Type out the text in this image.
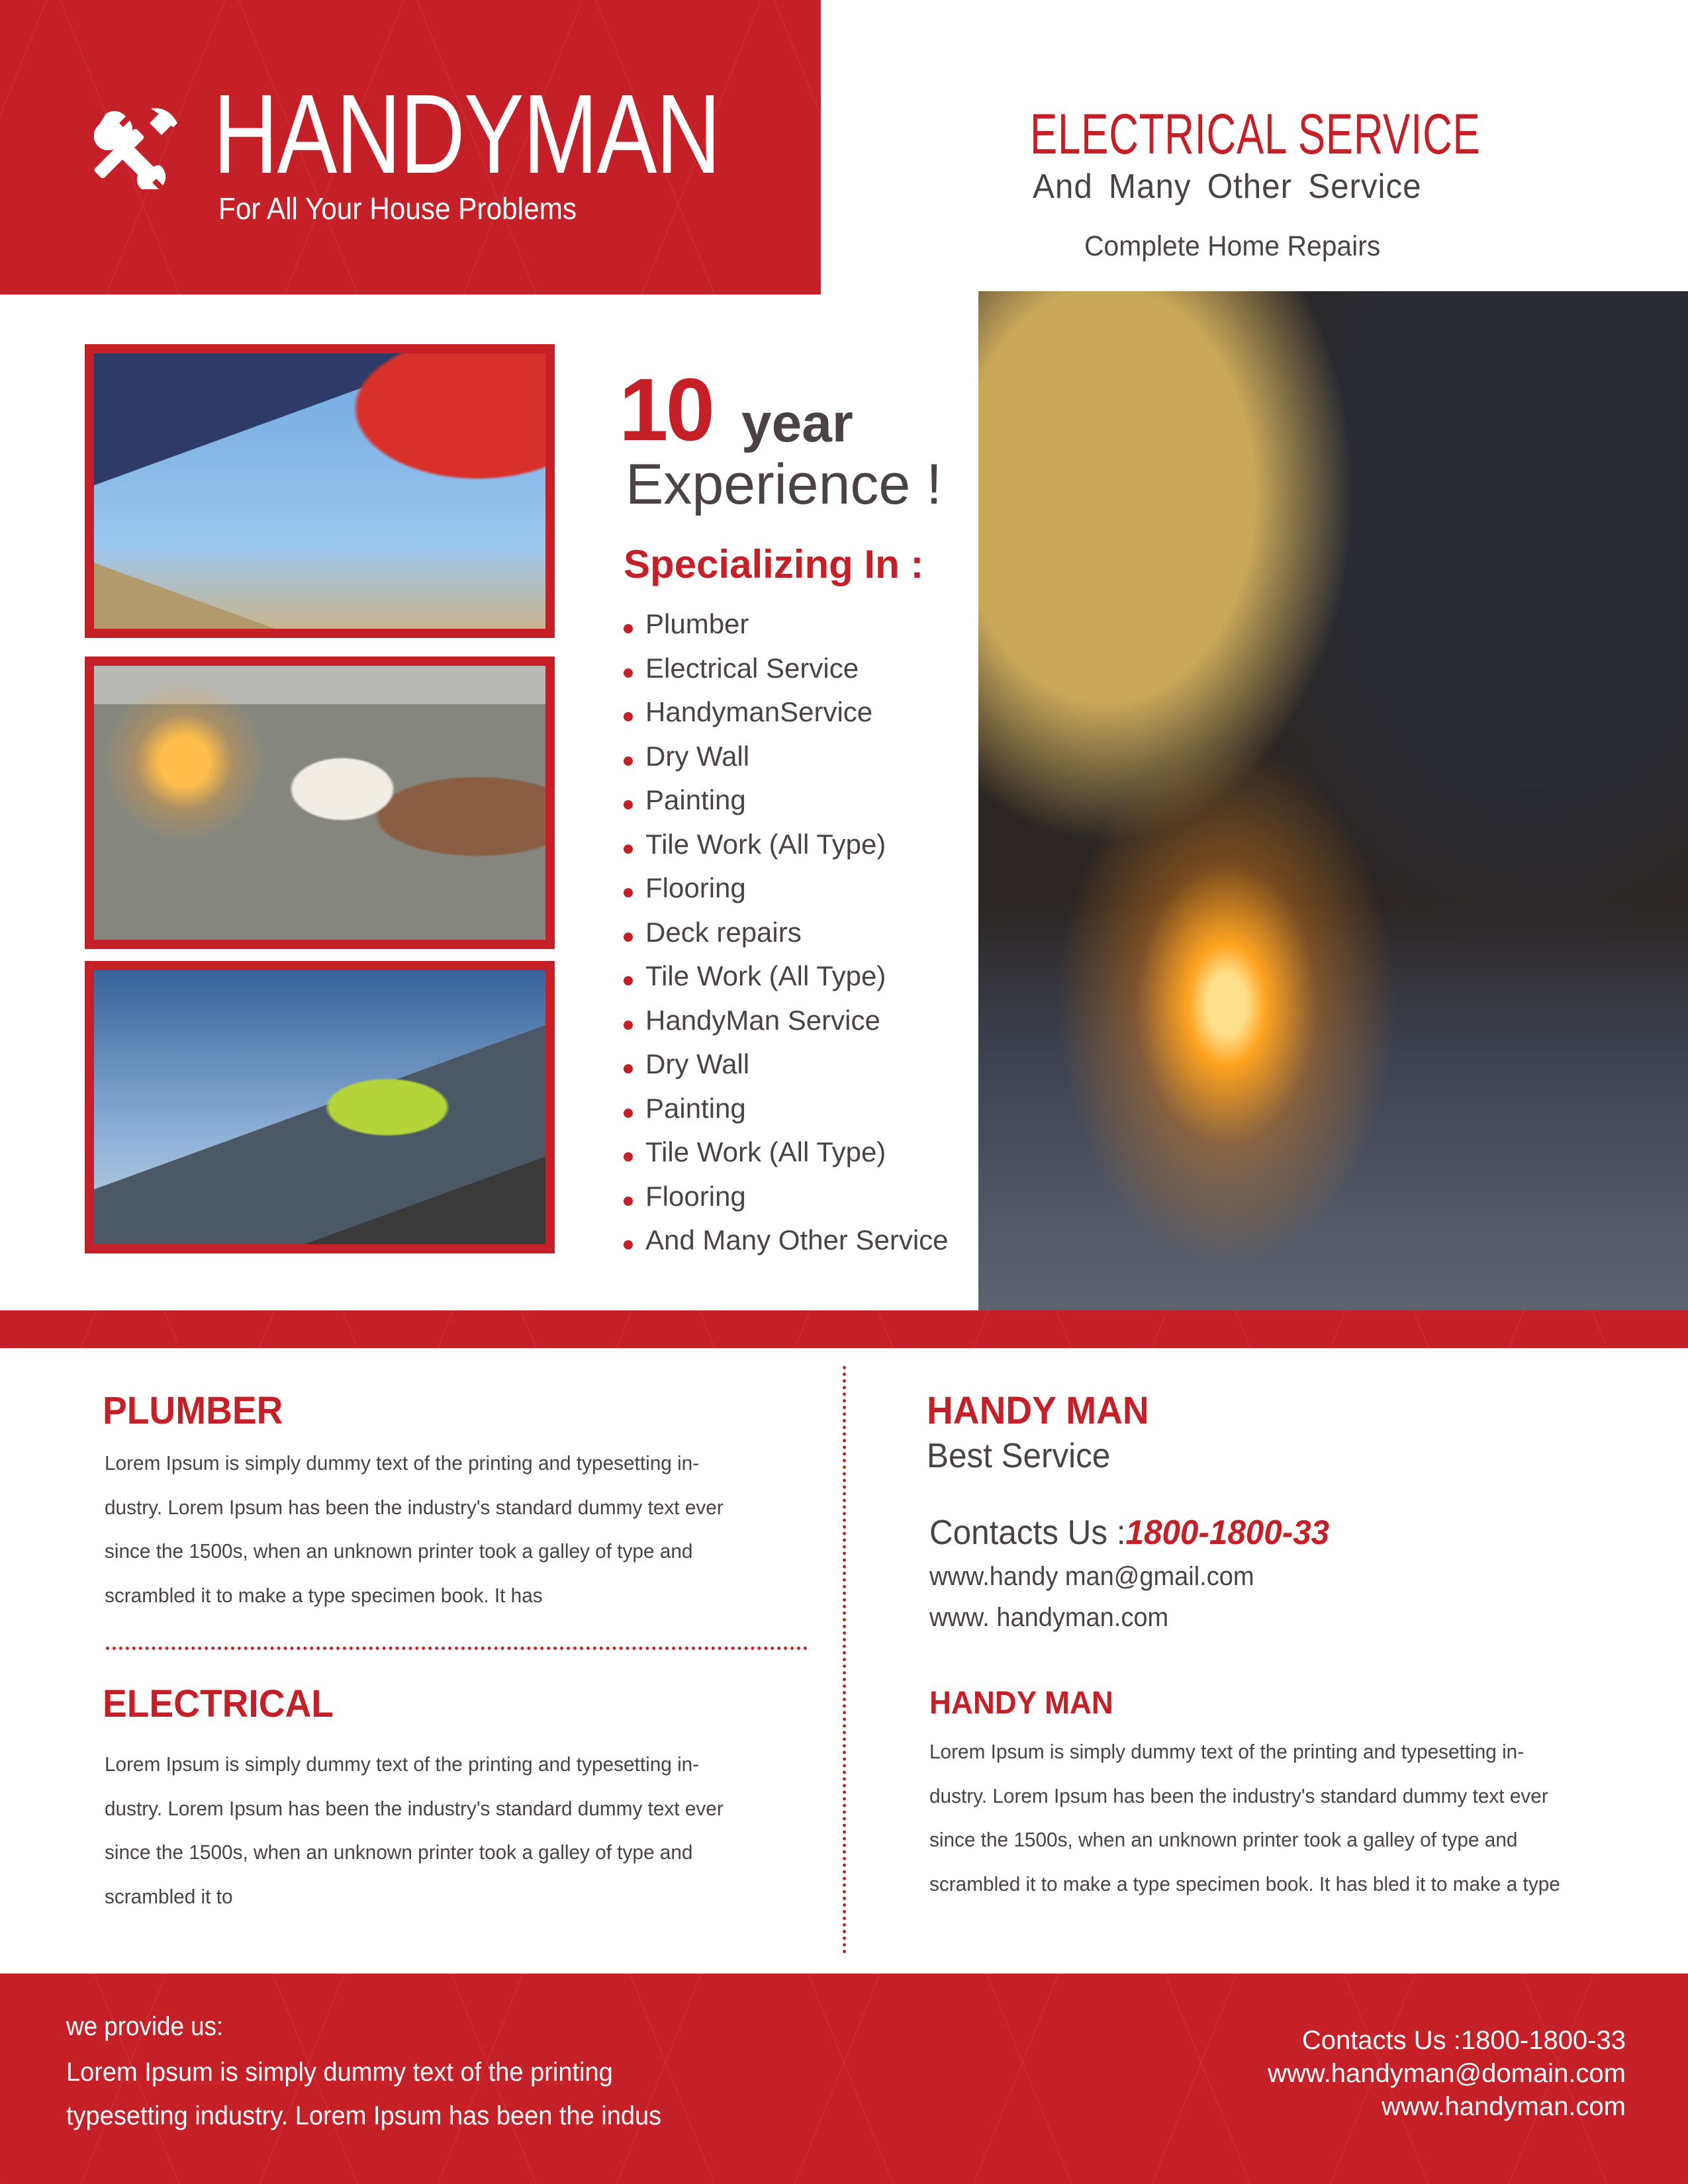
HANDYMAN
For All Your House Problems
ELECTRICAL SERVICE
And Many Other Service
Complete Home Repairs
10 year
Experience !
Specializing In :
Plumber
Electrical Service
HandymanService
Dry Wall
Painting
Tile Work (All Type)
Flooring
Deck repairs
Tile Work (All Type)
HandyMan Service
Dry Wall
Painting
Tile Work (All Type)
Flooring
And Many Other Service
PLUMBER
Lorem Ipsum is simply dummy text of the printing and typesetting in-
dustry. Lorem Ipsum has been the industry's standard dummy text ever
since the 1500s, when an unknown printer took a galley of type and
scrambled it to make a type specimen book. It has
ELECTRICAL
Lorem Ipsum is simply dummy text of the printing and typesetting in-
dustry. Lorem Ipsum has been the industry's standard dummy text ever
since the 1500s, when an unknown printer took a galley of type and
scrambled it to
HANDY MAN
Best Service
Contacts Us :1800-1800-33
www.handy man@gmail.com
www. handyman.com
HANDY MAN
Lorem Ipsum is simply dummy text of the printing and typesetting in-
dustry. Lorem Ipsum has been the industry's standard dummy text ever
since the 1500s, when an unknown printer took a galley of type and
scrambled it to make a type specimen book. It has bled it to make a type
we provide us:
Lorem Ipsum is simply dummy text of the printing
typesetting industry. Lorem Ipsum has been the indus
Contacts Us :1800-1800-33
www.handyman@domain.com
www.handyman.com
